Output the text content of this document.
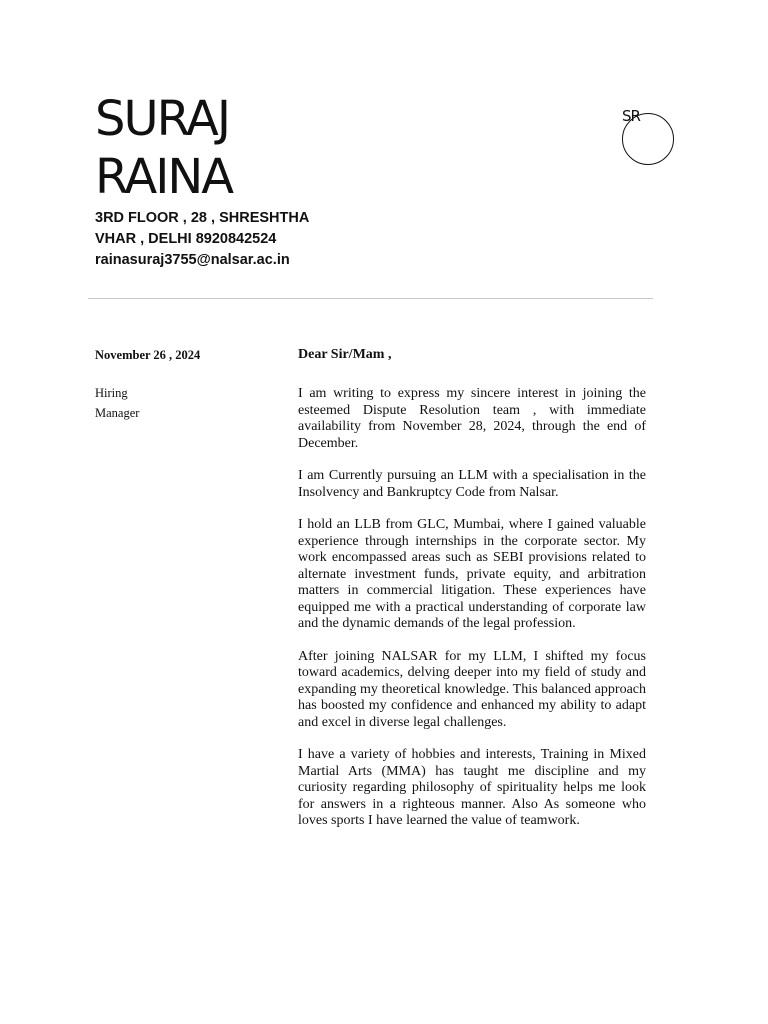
SURAJ
RAINA
3RD FLOOR , 28 , SHRESHTHA
VHAR , DELHI 8920842524
rainasuraj3755@nalsar.ac.in
SR
November 26 , 2024
Hiring
Manager
Dear Sir/Mam ,

I am writing to express my sincere interest in joining the esteemed Dispute Resolution team , with immediate availability from November 28, 2024, through the end of December.

I am Currently pursuing an LLM with a specialisation in the Insolvency and Bankruptcy Code from Nalsar.

I hold an LLB from GLC, Mumbai, where I gained valuable experience through internships in the corporate sector. My work encompassed areas such as SEBI provisions related to alternate investment funds, private equity, and arbitration matters in commercial litigation. These experiences have equipped me with a practical understanding of corporate law and the dynamic demands of the legal profession.

After joining NALSAR for my LLM, I shifted my focus toward academics, delving deeper into my field of study and expanding my theoretical knowledge. This balanced approach has boosted my confidence and enhanced my ability to adapt and excel in diverse legal challenges.

I have a variety of hobbies and interests, Training in Mixed Martial Arts (MMA) has taught me discipline and my curiosity regarding philosophy of spirituality helps me look for answers in a righteous manner. Also As someone who loves sports I have learned the value of teamwork.
